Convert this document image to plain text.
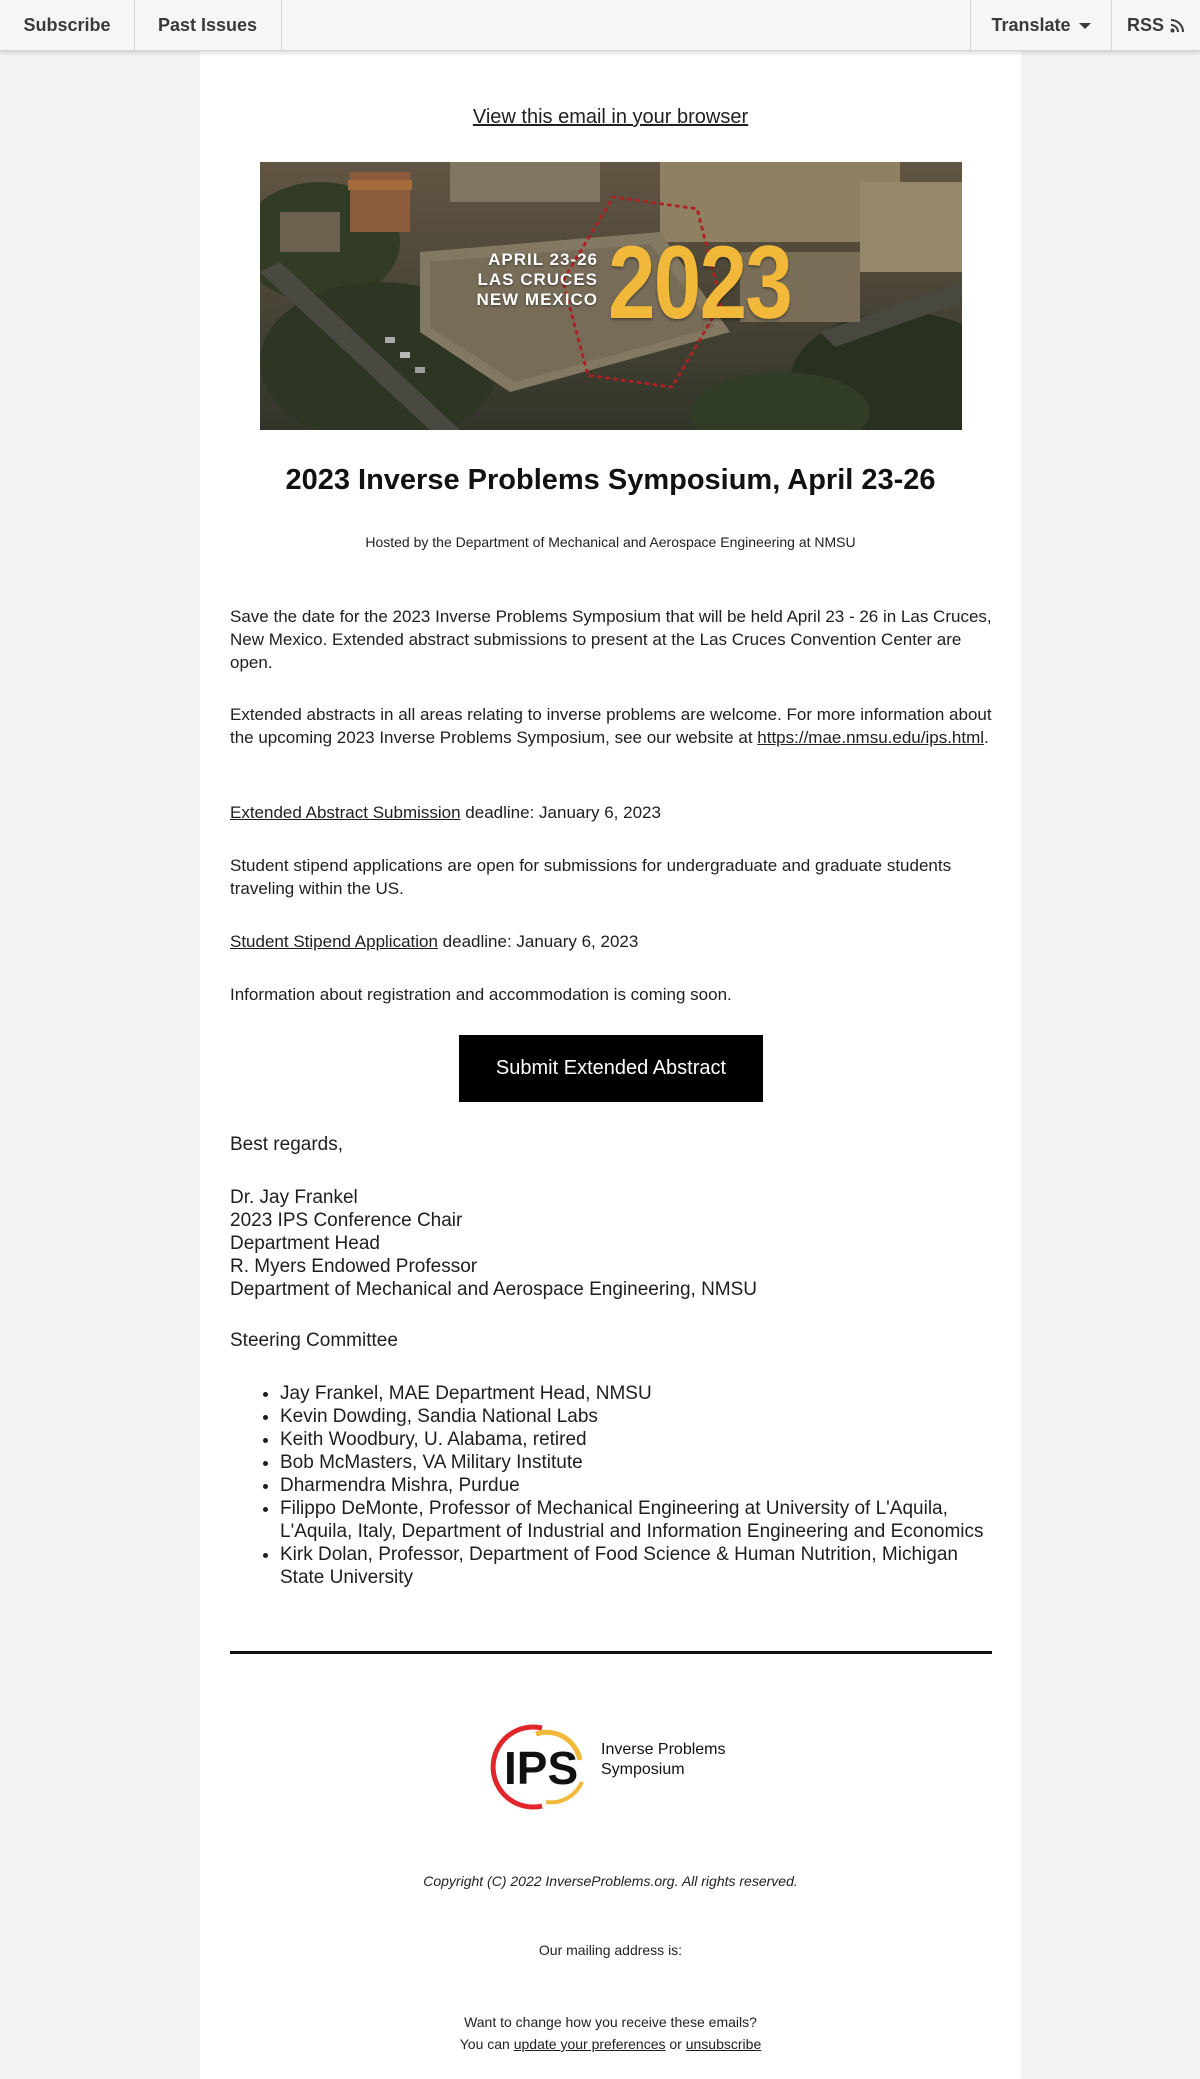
Subscribe	Past Issues	Translate	RSS
View this email in your browser
APRIL 23-26
LAS CRUCES
NEW MEXICO 2023
2023 Inverse Problems Symposium, April 23-26
Hosted by the Department of Mechanical and Aerospace Engineering at NMSU
Save the date for the 2023 Inverse Problems Symposium that will be held April 23 - 26 in Las Cruces, New Mexico. Extended abstract submissions to present at the Las Cruces Convention Center are open.
Extended abstracts in all areas relating to inverse problems are welcome. For more information about the upcoming 2023 Inverse Problems Symposium, see our website at https://mae.nmsu.edu/ips.html.
Extended Abstract Submission deadline: January 6, 2023
Student stipend applications are open for submissions for undergraduate and graduate students traveling within the US.
Student Stipend Application deadline: January 6, 2023
Information about registration and accommodation is coming soon.
Submit Extended Abstract
Best regards,
Dr. Jay Frankel
2023 IPS Conference Chair
Department Head
R. Myers Endowed Professor
Department of Mechanical and Aerospace Engineering, NMSU
Steering Committee
• Jay Frankel, MAE Department Head, NMSU
• Kevin Dowding, Sandia National Labs
• Keith Woodbury, U. Alabama, retired
• Bob McMasters, VA Military Institute
• Dharmendra Mishra, Purdue
• Filippo DeMonte, Professor of Mechanical Engineering at University of L'Aquila, L'Aquila, Italy, Department of Industrial and Information Engineering and Economics
• Kirk Dolan, Professor, Department of Food Science & Human Nutrition, Michigan State University
IPS Inverse Problems
Symposium
Copyright (C) 2022 InverseProblems.org. All rights reserved.
Our mailing address is:
Want to change how you receive these emails?
You can update your preferences or unsubscribe
